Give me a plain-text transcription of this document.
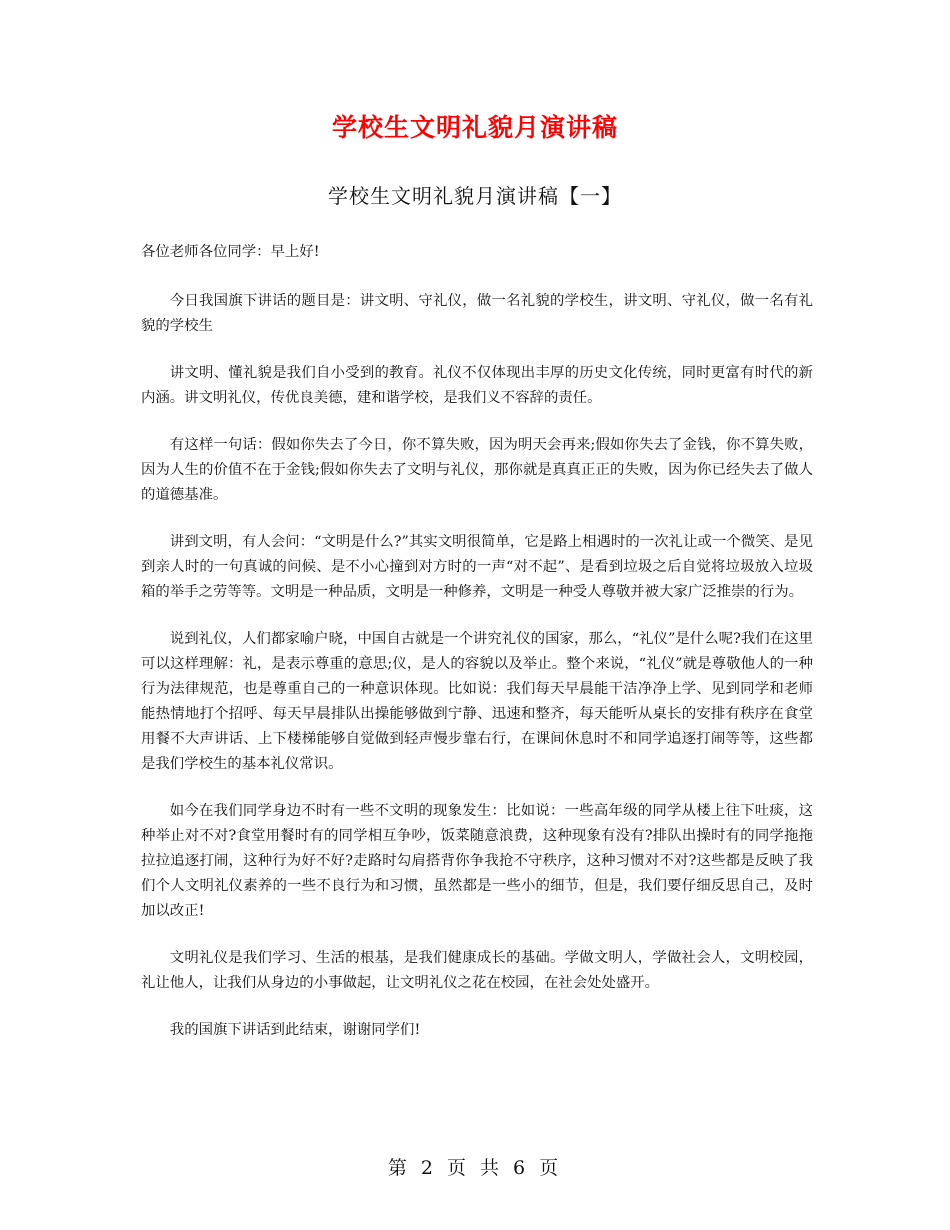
学校生文明礼貌月演讲稿
学校生文明礼貌月演讲稿【一】

各位老师各位同学：早上好!

今日我国旗下讲话的题目是：讲文明、守礼仪，做一名礼貌的学校生，讲文明、守礼仪，做一名有礼貌的学校生

讲文明、懂礼貌是我们自小受到的教育。礼仪不仅体现出丰厚的历史文化传统，同时更富有时代的新内涵。讲文明礼仪，传优良美德，建和谐学校，是我们义不容辞的责任。

有这样一句话：假如你失去了今日，你不算失败，因为明天会再来;假如你失去了金钱，你不算失败，因为人生的价值不在于金钱;假如你失去了文明与礼仪，那你就是真真正正的失败，因为你已经失去了做人的道德基准。

讲到文明，有人会问：“文明是什么?”其实文明很简单，它是路上相遇时的一次礼让或一个微笑、是见到亲人时的一句真诚的问候、是不小心撞到对方时的一声“对不起”、是看到垃圾之后自觉将垃圾放入垃圾箱的举手之劳等等。文明是一种品质，文明是一种修养，文明是一种受人尊敬并被大家广泛推崇的行为。

说到礼仪，人们都家喻户晓，中国自古就是一个讲究礼仪的国家，那么，“礼仪”是什么呢?我们在这里可以这样理解：礼，是表示尊重的意思;仪，是人的容貌以及举止。整个来说，“礼仪”就是尊敬他人的一种行为法律规范，也是尊重自己的一种意识体现。比如说：我们每天早晨能干洁净净上学、见到同学和老师能热情地打个招呼、每天早晨排队出操能够做到宁静、迅速和整齐，每天能听从桌长的安排有秩序在食堂用餐不大声讲话、上下楼梯能够自觉做到轻声慢步靠右行，在课间休息时不和同学追逐打闹等等，这些都是我们学校生的基本礼仪常识。

如今在我们同学身边不时有一些不文明的现象发生：比如说：一些高年级的同学从楼上往下吐痰，这种举止对不对?食堂用餐时有的同学相互争吵，饭菜随意浪费，这种现象有没有?排队出操时有的同学拖拖拉拉追逐打闹，这种行为好不好?走路时勾肩搭背你争我抢不守秩序，这种习惯对不对?这些都是反映了我们个人文明礼仪素养的一些不良行为和习惯，虽然都是一些小的细节，但是，我们要仔细反思自己，及时加以改正!

文明礼仪是我们学习、生活的根基，是我们健康成长的基础。学做文明人，学做社会人，文明校园，礼让他人，让我们从身边的小事做起，让文明礼仪之花在校园，在社会处处盛开。

我的国旗下讲话到此结束，谢谢同学们!

第 2 页 共 6 页
